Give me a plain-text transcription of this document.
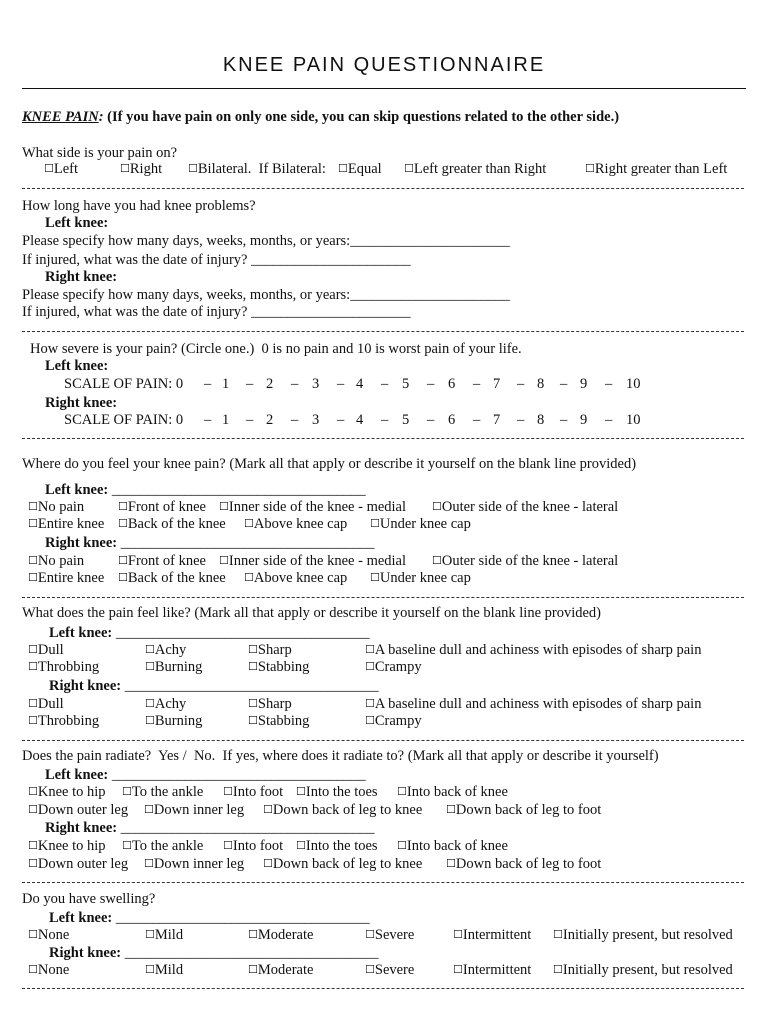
KNEE PAIN QUESTIONNAIRE
KNEE PAIN: (If you have pain on only one side, you can skip questions related to the other side.)
What side is your pain on?
☐Left	☐Right ☐Bilateral.  If Bilateral: ☐Equal ☐Left greater than Right	☐Right greater than Left
How long have you had knee problems?
Left knee:
Please specify how many days, weeks, months, or years:______________________
If injured, what was the date of injury? ______________________
Right knee:
Please specify how many days, weeks, months, or years:______________________
If injured, what was the date of injury? ______________________
How severe is your pain? (Circle one.)  0 is no pain and 10 is worst pain of your life.
Left knee:
SCALE OF PAIN: 0 – 1 – 2 – 3 – 4 – 5 – 6 – 7 – 8 – 9 – 10
Right knee:
SCALE OF PAIN: 0 – 1 – 2 – 3 – 4 – 5 – 6 – 7 – 8 – 9 – 10
Where do you feel your knee pain? (Mark all that apply or describe it yourself on the blank line provided)
Left knee: ___________________________________
☐No pain	☐Front of knee ☐Inner side of the knee - medial ☐Outer side of the knee - lateral
☐Entire knee ☐Back of the knee ☐Above knee cap ☐Under knee cap
Right knee: ___________________________________
☐No pain	☐Front of knee ☐Inner side of the knee - medial ☐Outer side of the knee - lateral
☐Entire knee ☐Back of the knee ☐Above knee cap ☐Under knee cap
What does the pain feel like? (Mark all that apply or describe it yourself on the blank line provided)
Left knee: ___________________________________
☐Dull	☐Achy	☐Sharp	☐A baseline dull and achiness with episodes of sharp pain
☐Throbbing	☐Burning	☐Stabbing	☐Crampy
Right knee: ___________________________________
☐Dull	☐Achy	☐Sharp	☐A baseline dull and achiness with episodes of sharp pain
☐Throbbing	☐Burning	☐Stabbing	☐Crampy
Does the pain radiate?  Yes /  No.  If yes, where does it radiate to? (Mark all that apply or describe it yourself)
Left knee: ___________________________________
☐Knee to hip ☐To the ankle ☐Into foot ☐Into the toes ☐Into back of knee
☐Down outer leg ☐Down inner leg ☐Down back of leg to knee ☐Down back of leg to foot
Right knee: ___________________________________
☐Knee to hip ☐To the ankle ☐Into foot ☐Into the toes ☐Into back of knee
☐Down outer leg ☐Down inner leg ☐Down back of leg to knee ☐Down back of leg to foot
Do you have swelling?
Left knee: ___________________________________
☐None	☐Mild	☐Moderate	☐Severe	☐Intermittent ☐Initially present, but resolved
Right knee: ___________________________________
☐None	☐Mild	☐Moderate	☐Severe	☐Intermittent ☐Initially present, but resolved
